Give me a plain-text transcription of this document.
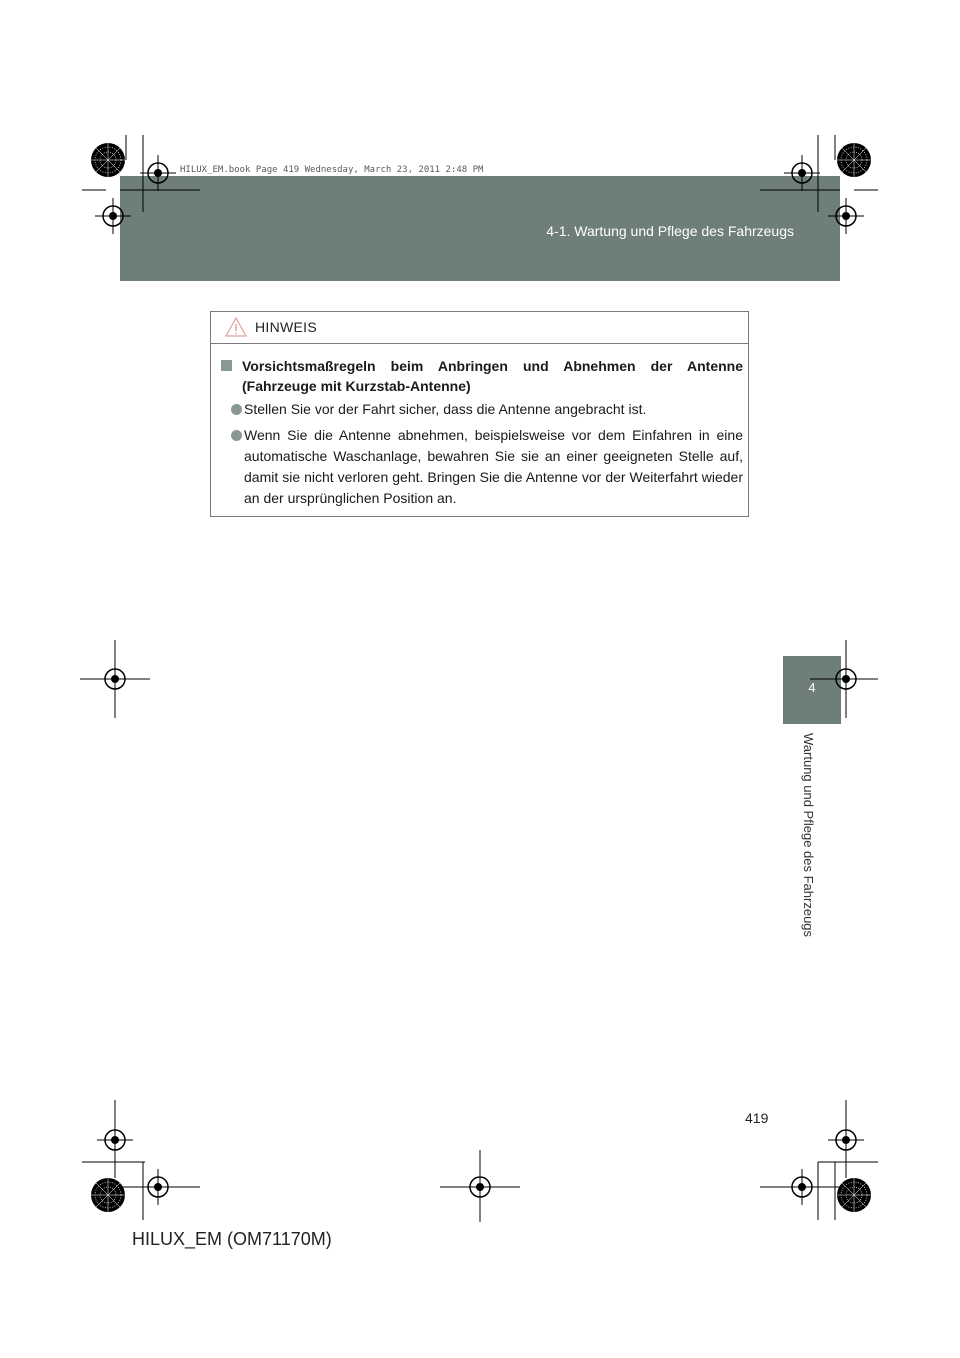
4-1. Wartung und Pflege des Fahrzeugs
HILUX_EM.book Page 419 Wednesday, March 23, 2011 2:48 PM
HINWEIS
Vorsichtsmaßregeln beim Anbringen und Abnehmen der Antenne (Fahrzeuge mit Kurzstab-Antenne)
Stellen Sie vor der Fahrt sicher, dass die Antenne angebracht ist.
Wenn Sie die Antenne abnehmen, beispielsweise vor dem Einfahren in eine automatische Waschanlage, bewahren Sie sie an einer geeigneten Stelle auf, damit sie nicht verloren geht. Bringen Sie die Antenne vor der Weiterfahrt wieder an der ursprünglichen Position an.
4
Wartung und Pflege des Fahrzeugs
419
HILUX_EM (OM71170M)
